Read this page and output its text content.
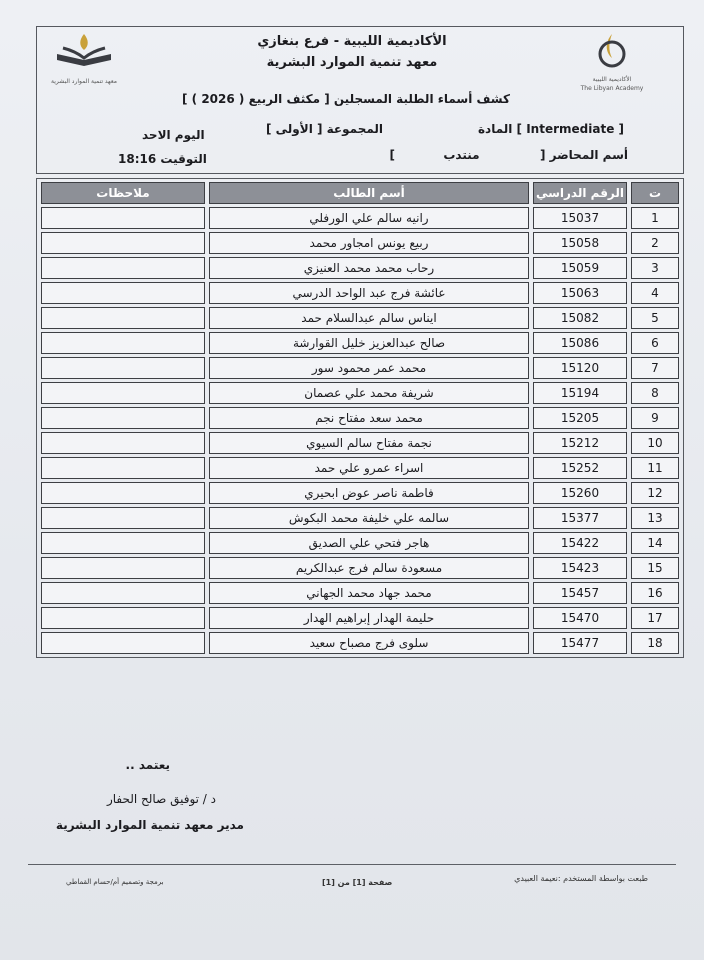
معهد تنمية الموارد البشرية	الأكاديمية الليبية
The Libyan Academy
الأكاديمية الليبية - فرع بنغازي
معهد تنمية الموارد البشرية
كشف أسماء الطلبة المسجلين [ مكثف الربيع ( 2026 ) ]
المادة [ Intermediate ]
المجموعة [ الأولى ]
اليوم الاحد
أسم المحاضر [  منتدب  ]
التوقيت 18:16
ت	الرقم الدراسي	أسم الطالب	ملاحظات
1	15037	رانيه سالم علي الورفلي	
2	15058	ربيع يونس امجاور محمد	
3	15059	رحاب محمد محمد العنيزي	
4	15063	عائشة فرج عبد الواحد الدرسي	
5	15082	ايناس سالم عبدالسلام حمد	
6	15086	صالح عبدالعزيز خليل القوارشة	
7	15120	محمد عمر محمود سور	
8	15194	شريفة محمد علي عصمان	
9	15205	محمد سعد مفتاح نجم	
10	15212	نجمة مفتاح سالم السيوي	
11	15252	اسراء عمرو علي حمد	
12	15260	فاطمة ناصر عوض ابحيري	
13	15377	سالمه علي خليفة محمد البكوش	
14	15422	هاجر فتحي علي الصديق	
15	15423	مسعودة سالم فرج عبدالكريم	
16	15457	محمد جهاد محمد الجهاني	
17	15470	حليمة الهدار إبراهيم الهدار	
18	15477	سلوى فرج مصباح سعيد	
يعتمد ..
د / توفيق صالح الحفار
مدير معهد تنمية الموارد البشرية
طبعت بواسطة المستخدم :نعيمة العبيدي
صفحة [1] من [1]
برمجة وتصميم أم/حسام القماطي
